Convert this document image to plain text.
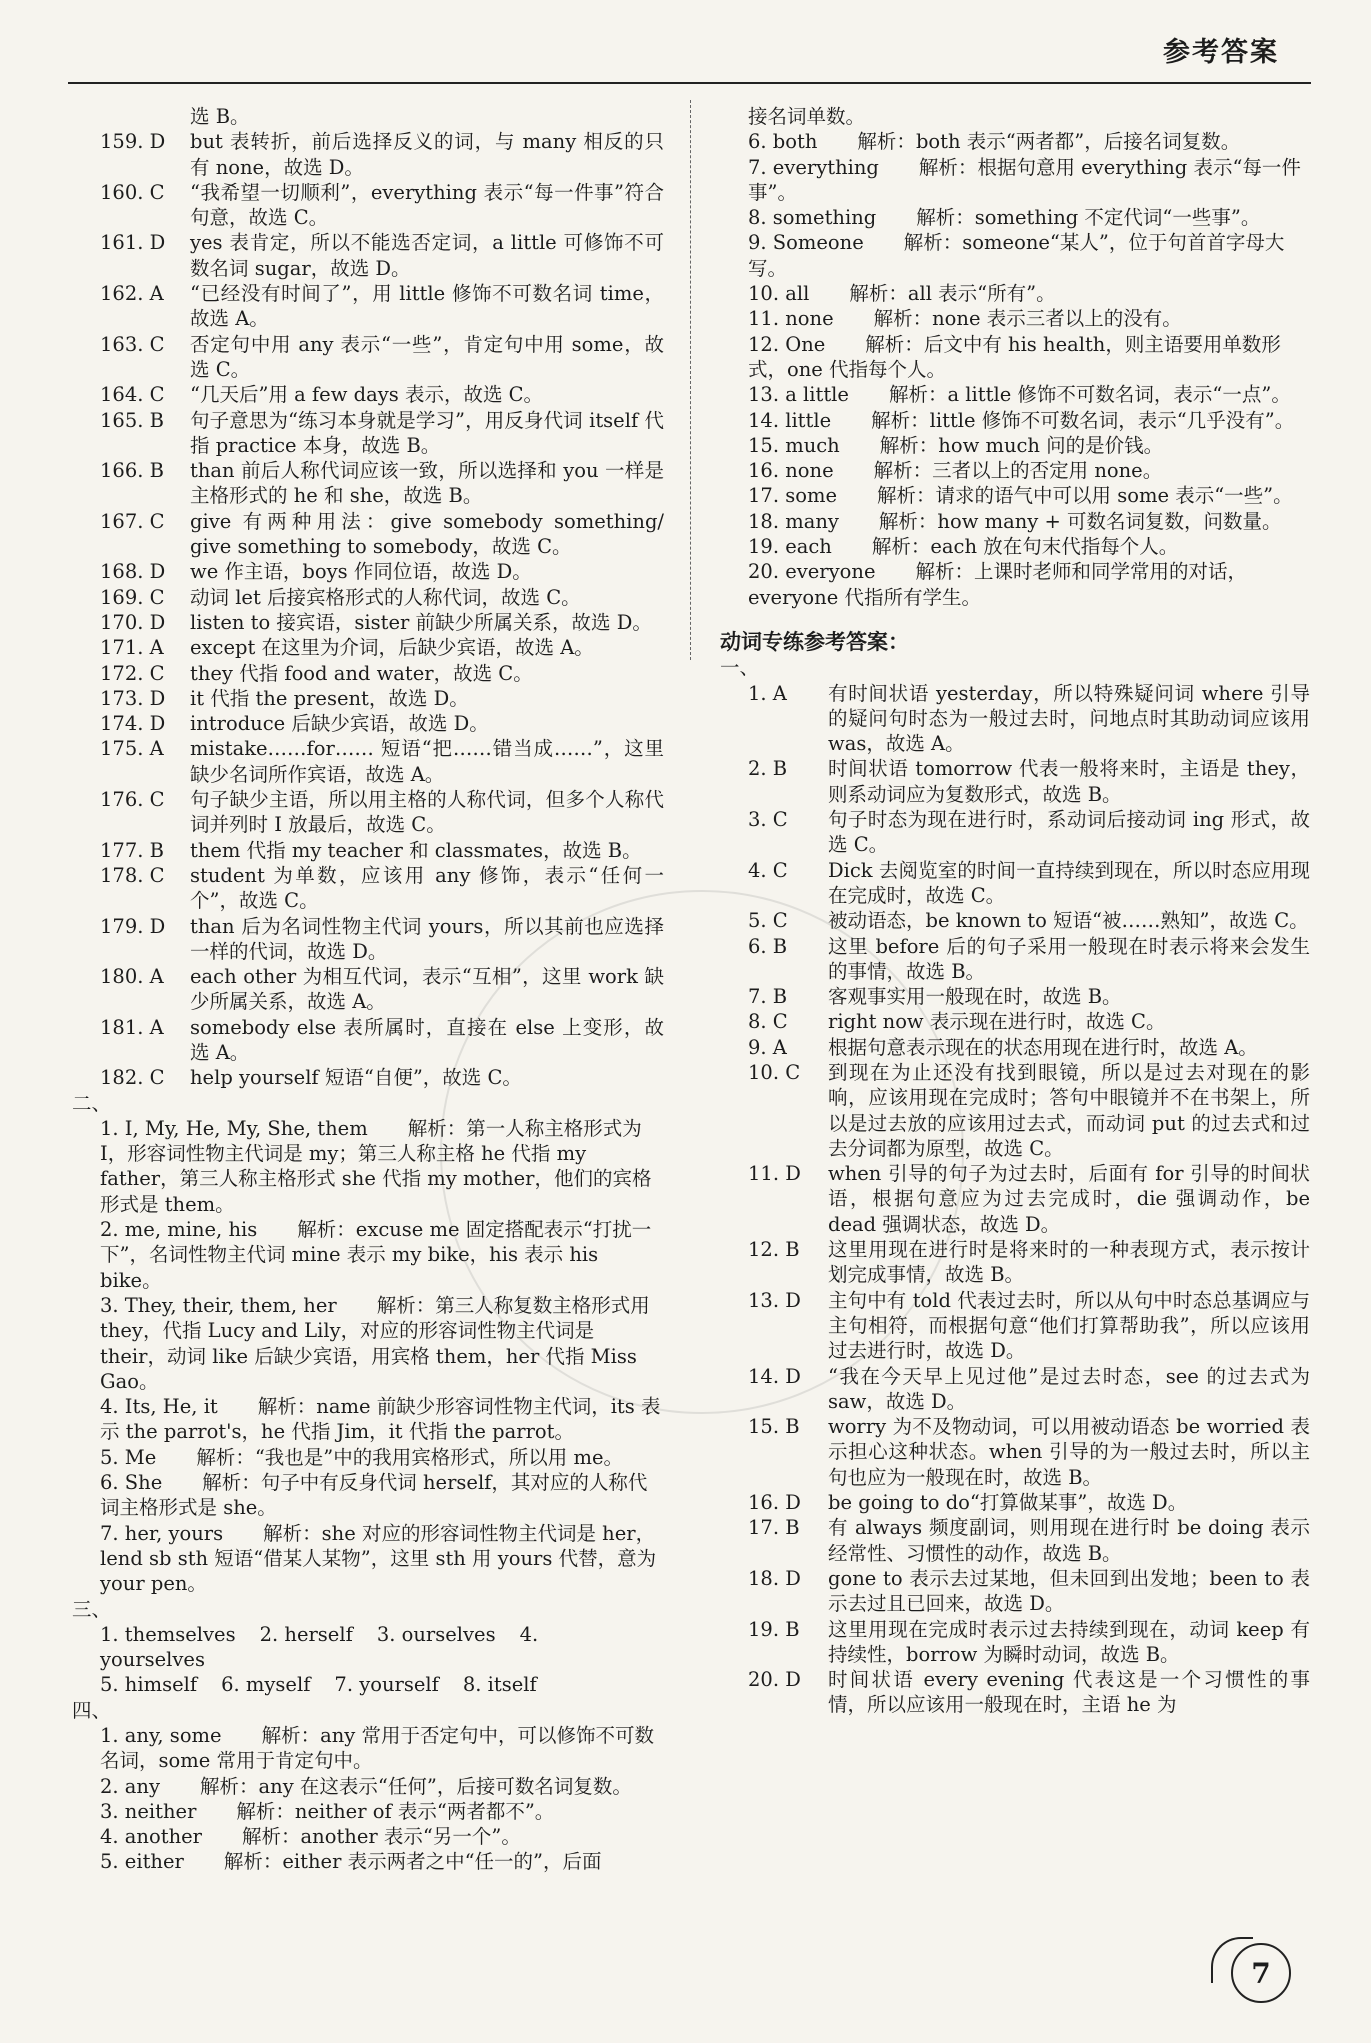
参考答案
选 B。
159. D	but 表转折，前后选择反义的词，与 many 相反的只有 none，故选 D。
160. C	“我希望一切顺利”，everything 表示“每一件事”符合句意，故选 C。
161. D	yes 表肯定，所以不能选否定词，a little 可修饰不可数名词 sugar，故选 D。
162. A	“已经没有时间了”，用 little 修饰不可数名词 time，故选 A。
163. C	否定句中用 any 表示“一些”，肯定句中用 some，故选 C。
164. C	“几天后”用 a few days 表示，故选 C。
165. B	句子意思为“练习本身就是学习”，用反身代词 itself 代指 practice 本身，故选 B。
166. B	than 前后人称代词应该一致，所以选择和 you 一样是主格形式的 he 和 she，故选 B。
167. C	give 有两种用法：give somebody something/ give something to somebody，故选 C。
168. D	we 作主语，boys 作同位语，故选 D。
169. C	动词 let 后接宾格形式的人称代词，故选 C。
170. D	listen to 接宾语，sister 前缺少所属关系，故选 D。
171. A	except 在这里为介词，后缺少宾语，故选 A。
172. C	they 代指 food and water，故选 C。
173. D	it 代指 the present，故选 D。
174. D	introduce 后缺少宾语，故选 D。
175. A	mistake……for…… 短语“把……错当成……”，这里缺少名词所作宾语，故选 A。
176. C	句子缺少主语，所以用主格的人称代词，但多个人称代词并列时 I 放最后，故选 C。
177. B	them 代指 my teacher 和 classmates，故选 B。
178. C	student 为单数，应该用 any 修饰，表示“任何一个”，故选 C。
179. D	than 后为名词性物主代词 yours，所以其前也应选择一样的代词，故选 D。
180. A	each other 为相互代词，表示“互相”，这里 work 缺少所属关系，故选 A。
181. A	somebody else 表所属时，直接在 else 上变形，故选 A。
182. C	help yourself 短语“自便”，故选 C。
二、
1. I, My, He, My, She, them 解析：第一人称主格形式为 I，形容词性物主代词是 my；第三人称主格 he 代指 my father，第三人称主格形式 she 代指 my mother，他们的宾格形式是 them。
2. me, mine, his 解析：excuse me 固定搭配表示“打扰一下”，名词性物主代词 mine 表示 my bike，his 表示 his bike。
3. They, their, them, her 解析：第三人称复数主格形式用 they，代指 Lucy and Lily，对应的形容词性物主代词是 their，动词 like 后缺少宾语，用宾格 them，her 代指 Miss Gao。
4. Its, He, it 解析：name 前缺少形容词性物主代词，its 表示 the parrot's，he 代指 Jim，it 代指 the parrot。
5. Me 解析：“我也是”中的我用宾格形式，所以用 me。
6. She 解析：句子中有反身代词 herself，其对应的人称代词主格形式是 she。
7. her, yours 解析：she 对应的形容词性物主代词是 her，lend sb sth 短语“借某人某物”，这里 sth 用 yours 代替，意为 your pen。
三、
1. themselves 2. herself 3. ourselves 4. yourselves
5. himself 6. myself 7. yourself 8. itself
四、
1. any, some 解析：any 常用于否定句中，可以修饰不可数名词，some 常用于肯定句中。
2. any 解析：any 在这表示“任何”，后接可数名词复数。
3. neither 解析：neither of 表示“两者都不”。
4. another 解析：another 表示“另一个”。
5. either 解析：either 表示两者之中“任一的”，后面
接名词单数。
6. both 解析：both 表示“两者都”，后接名词复数。
7. everything 解析：根据句意用 everything 表示“每一件事”。
8. something 解析：something 不定代词“一些事”。
9. Someone 解析：someone“某人”，位于句首首字母大写。
10. all 解析：all 表示“所有”。
11. none 解析：none 表示三者以上的没有。
12. One 解析：后文中有 his health，则主语要用单数形式，one 代指每个人。
13. a little 解析：a little 修饰不可数名词，表示“一点”。
14. little 解析：little 修饰不可数名词，表示“几乎没有”。
15. much 解析：how much 问的是价钱。
16. none 解析：三者以上的否定用 none。
17. some 解析：请求的语气中可以用 some 表示“一些”。
18. many 解析：how many + 可数名词复数，问数量。
19. each 解析：each 放在句末代指每个人。
20. everyone 解析：上课时老师和同学常用的对话，everyone 代指所有学生。
动词专练参考答案：
一、
1. A	有时间状语 yesterday，所以特殊疑问词 where 引导的疑问句时态为一般过去时，问地点时其助动词应该用 was，故选 A。
2. B	时间状语 tomorrow 代表一般将来时，主语是 they，则系动词应为复数形式，故选 B。
3. C	句子时态为现在进行时，系动词后接动词 ing 形式，故选 C。
4. C	Dick 去阅览室的时间一直持续到现在，所以时态应用现在完成时，故选 C。
5. C	被动语态，be known to 短语“被……熟知”，故选 C。
6. B	这里 before 后的句子采用一般现在时表示将来会发生的事情，故选 B。
7. B	客观事实用一般现在时，故选 B。
8. C	right now 表示现在进行时，故选 C。
9. A	根据句意表示现在的状态用现在进行时，故选 A。
10. C	到现在为止还没有找到眼镜，所以是过去对现在的影响，应该用现在完成时；答句中眼镜并不在书架上，所以是过去放的应该用过去式，而动词 put 的过去式和过去分词都为原型，故选 C。
11. D	when 引导的句子为过去时，后面有 for 引导的时间状语，根据句意应为过去完成时，die 强调动作，be dead 强调状态，故选 D。
12. B	这里用现在进行时是将来时的一种表现方式，表示按计划完成事情，故选 B。
13. D	主句中有 told 代表过去时，所以从句中时态总基调应与主句相符，而根据句意“他们打算帮助我”，所以应该用过去进行时，故选 D。
14. D	“我在今天早上见过他”是过去时态，see 的过去式为 saw，故选 D。
15. B	worry 为不及物动词，可以用被动语态 be worried 表示担心这种状态。when 引导的为一般过去时，所以主句也应为一般现在时，故选 B。
16. D	be going to do“打算做某事”，故选 D。
17. B	有 always 频度副词，则用现在进行时 be doing 表示经常性、习惯性的动作，故选 B。
18. D	gone to 表示去过某地，但未回到出发地；been to 表示去过且已回来，故选 D。
19. B	这里用现在完成时表示过去持续到现在，动词 keep 有持续性，borrow 为瞬时动词，故选 B。
20. D	时间状语 every evening 代表这是一个习惯性的事情，所以应该用一般现在时，主语 he 为
7
